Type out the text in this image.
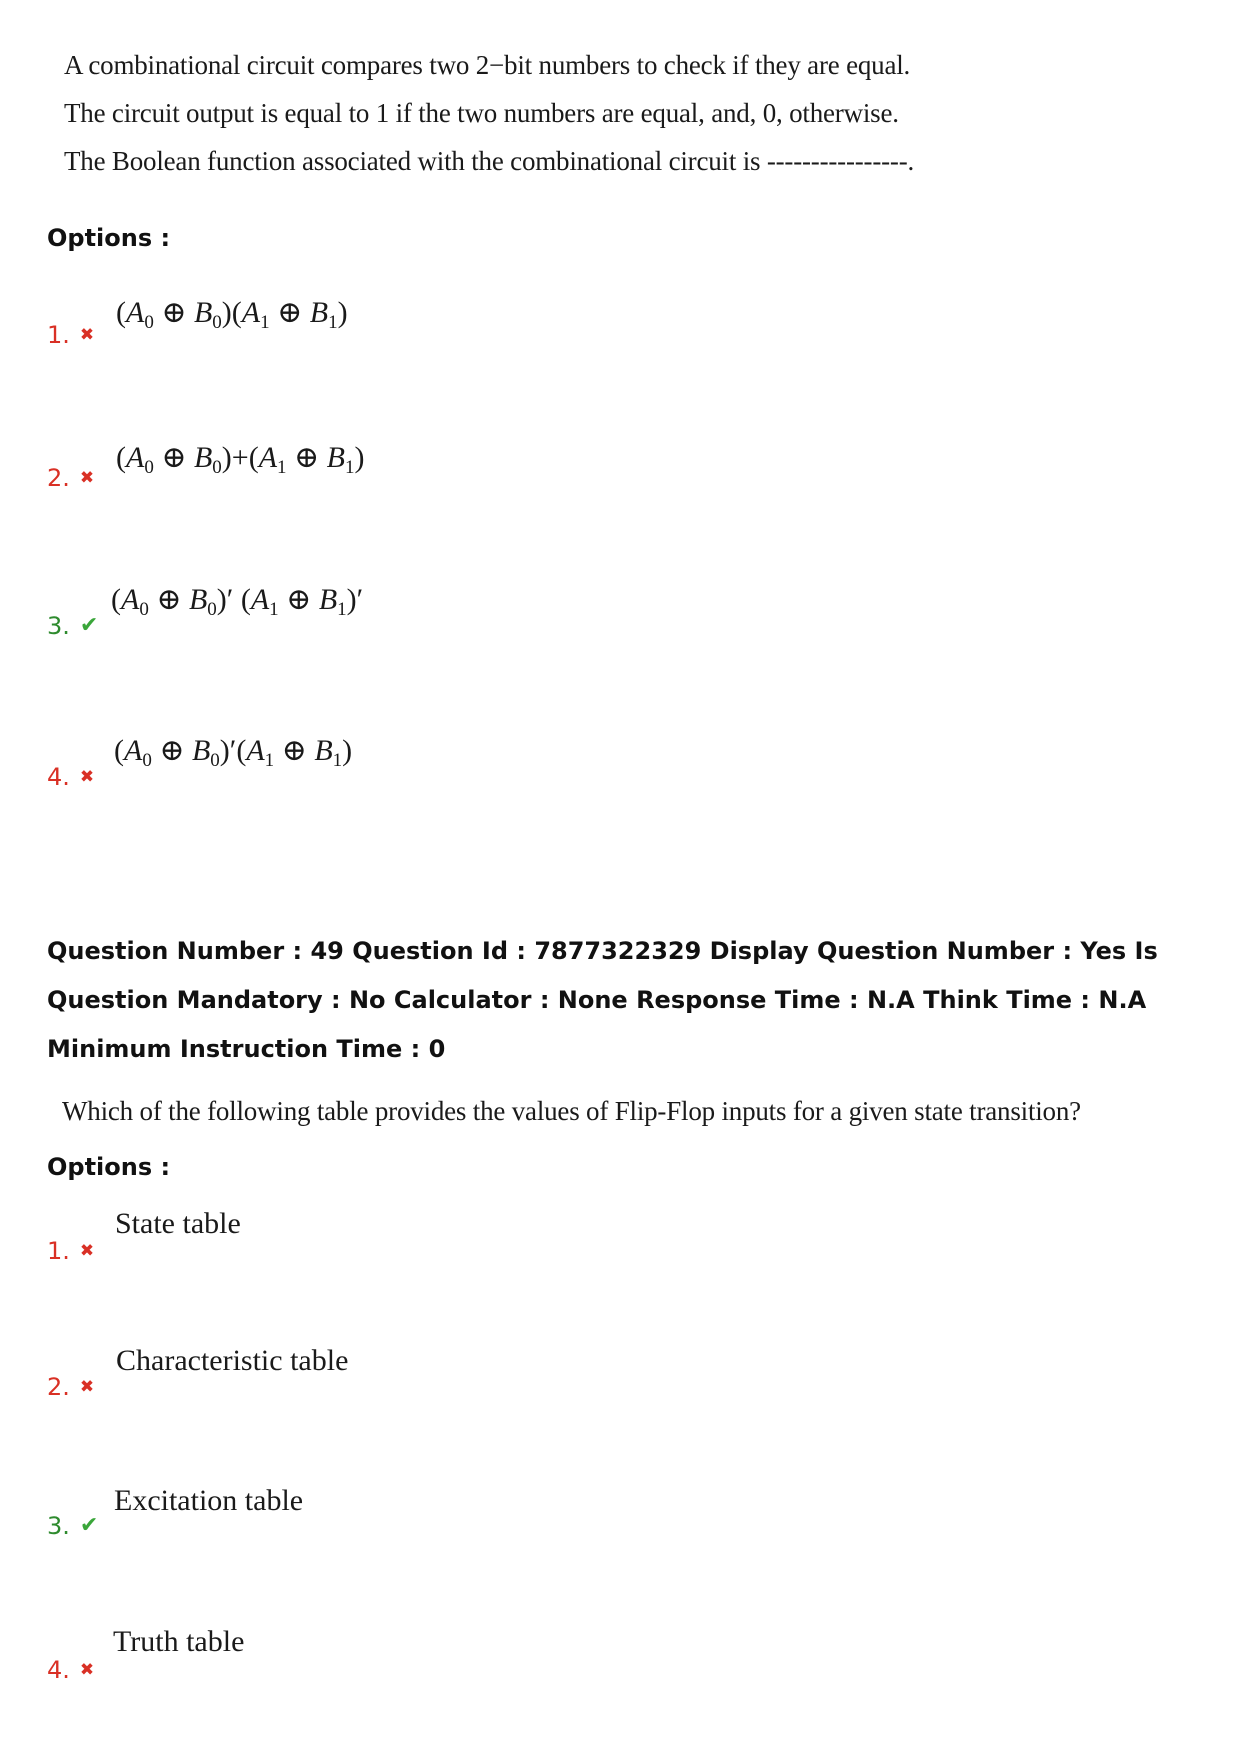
A combinational circuit compares two 2−bit numbers to check if they are equal.
The circuit output is equal to 1 if the two numbers are equal, and, 0, otherwise.
The Boolean function associated with the combinational circuit is ----------------.
Options :
1. ✖
($A_0$ ⊕ $B_0)(A_1$ ⊕ $B_1$)
2. ✖
($A_0$ ⊕ $B_0)+(A_1$ ⊕ $B_1$)
3. ✔
($A_0$ ⊕ $B_0)'$ ($A_1$ ⊕ $B_1)'$
4. ✖
($A_0$ ⊕ $B_0)'(A_1$ ⊕ $B_1$)
Question Number : 49 Question Id : 7877322329 Display Question Number : Yes Is Question Mandatory : No Calculator : None Response Time : N.A Think Time : N.A Minimum Instruction Time : 0
Which of the following table provides the values of Flip-Flop inputs for a given state transition?
Options :
1. ✖
State table
2. ✖
Characteristic table
3. ✔
Excitation table
4. ✖
Truth table
